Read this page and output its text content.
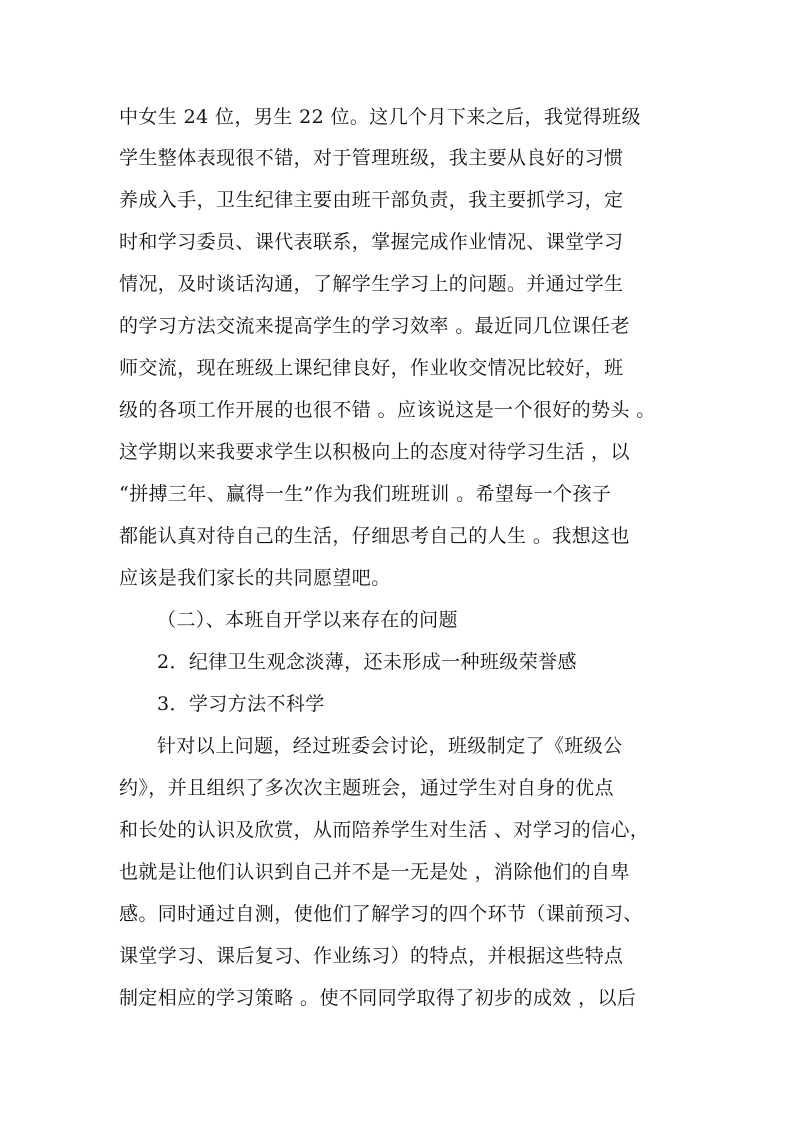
中女生 24 位，男生 22 位。这几个月下来之后，我觉得班级
学生整体表现很不错，对于管理班级，我主要从良好的习惯
养成入手，卫生纪律主要由班干部负责，我主要抓学习，定
时和学习委员、课代表联系，掌握完成作业情况、课堂学习
情况，及时谈话沟通，了解学生学习上的问题。并通过学生
的学习方法交流来提高学生的学习效率 。最近同几位课任老
师交流，现在班级上课纪律良好，作业收交情况比较好，班
级的各项工作开展的也很不错 。应该说这是一个很好的势头 。
这学期以来我要求学生以积极向上的态度对待学习生活 ，以
“拼搏三年、赢得一生”作为我们班班训 。希望每一个孩子
都能认真对待自己的生活，仔细思考自己的人生 。我想这也
应该是我们家长的共同愿望吧。
（二）、本班自开学以来存在的问题
2．纪律卫生观念淡薄，还未形成一种班级荣誉感
3．学习方法不科学
针对以上问题，经过班委会讨论，班级制定了《班级公
约》，并且组织了多次次主题班会，通过学生对自身的优点
和长处的认识及欣赏，从而陪养学生对生活 、对学习的信心，
也就是让他们认识到自己并不是一无是处 ，消除他们的自卑
感。同时通过自测，使他们了解学习的四个环节（课前预习、
课堂学习、课后复习、作业练习）的特点，并根据这些特点
制定相应的学习策略 。使不同同学取得了初步的成效 ，以后
